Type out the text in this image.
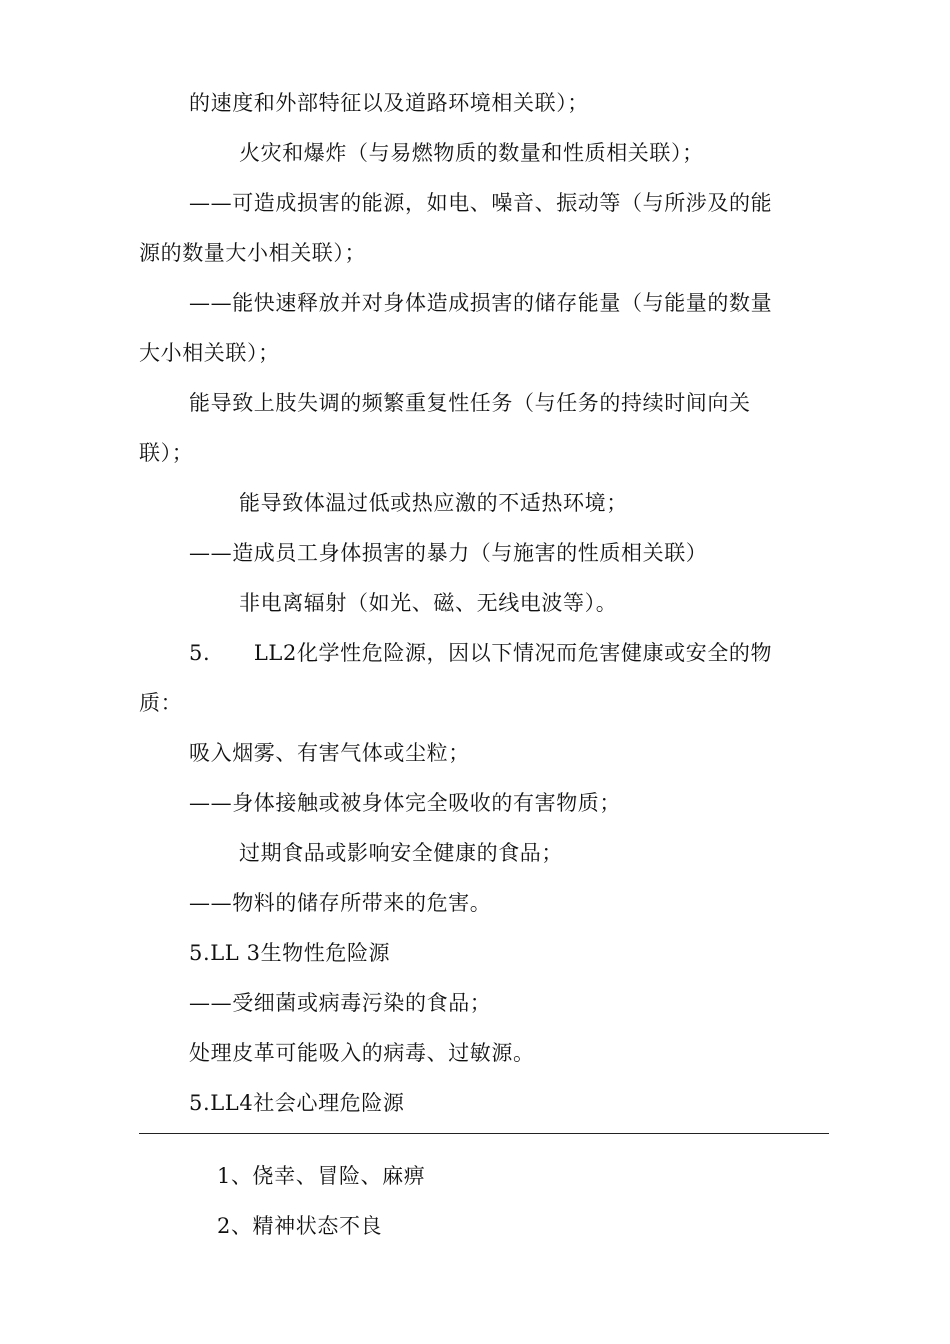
的速度和外部特征以及道路环境相关联）；
火灾和爆炸（与易燃物质的数量和性质相关联）；
——可造成损害的能源，如电、噪音、振动等（与所涉及的能
源的数量大小相关联）；
——能快速释放并对身体造成损害的储存能量（与能量的数量
大小相关联）；
能导致上肢失调的频繁重复性任务（与任务的持续时间向关
联）；
能导致体温过低或热应激的不适热环境；
——造成员工身体损害的暴力（与施害的性质相关联）
非电离辐射（如光、磁、无线电波等）。
5.      LL2化学性危险源，因以下情况而危害健康或安全的物
质：
吸入烟雾、有害气体或尘粒；
——身体接触或被身体完全吸收的有害物质；
过期食品或影响安全健康的食品；
——物料的储存所带来的危害。
5.LL 3生物性危险源
——受细菌或病毒污染的食品；
处理皮革可能吸入的病毒、过敏源。
5.LL4社会心理危险源
1、侥幸、冒险、麻痹
2、精神状态不良
